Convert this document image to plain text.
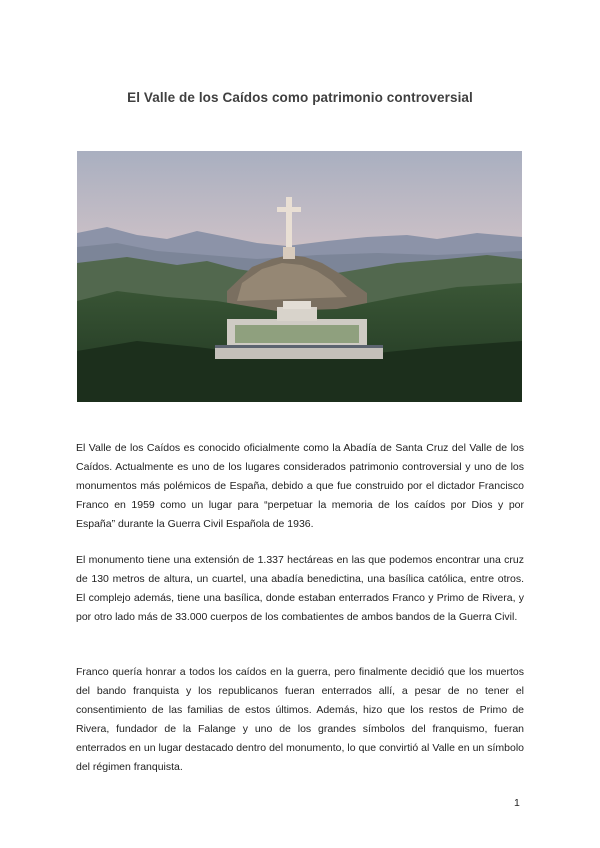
El Valle de los Caídos como patrimonio controversial

El Valle de los Caídos es conocido oficialmente como la Abadía de Santa Cruz del Valle de los Caídos. Actualmente es uno de los lugares considerados patrimonio controversial y uno de los monumentos más polémicos de España, debido a que fue construido por el dictador Francisco Franco en 1959 como un lugar para “perpetuar la memoria de los caídos por Dios y por España” durante la Guerra Civil Española de 1936.

El monumento tiene una extensión de 1.337 hectáreas en las que podemos encontrar una cruz de 130 metros de altura, un cuartel, una abadía benedictina, una basílica católica, entre otros. El complejo además, tiene una basílica, donde estaban enterrados Franco y Primo de Rivera, y por otro lado más de 33.000 cuerpos de los combatientes de ambos bandos de la Guerra Civil.

Franco quería honrar a todos los caídos en la guerra, pero finalmente decidió que los muertos del bando franquista y los republicanos fueran enterrados allí, a pesar de no tener el consentimiento de las familias de estos últimos. Además, hizo que los restos de Primo de Rivera, fundador de la Falange y uno de los grandes símbolos del franquismo, fueran enterrados en un lugar destacado dentro del monumento, lo que convirtió al Valle en un símbolo del régimen franquista.

1
